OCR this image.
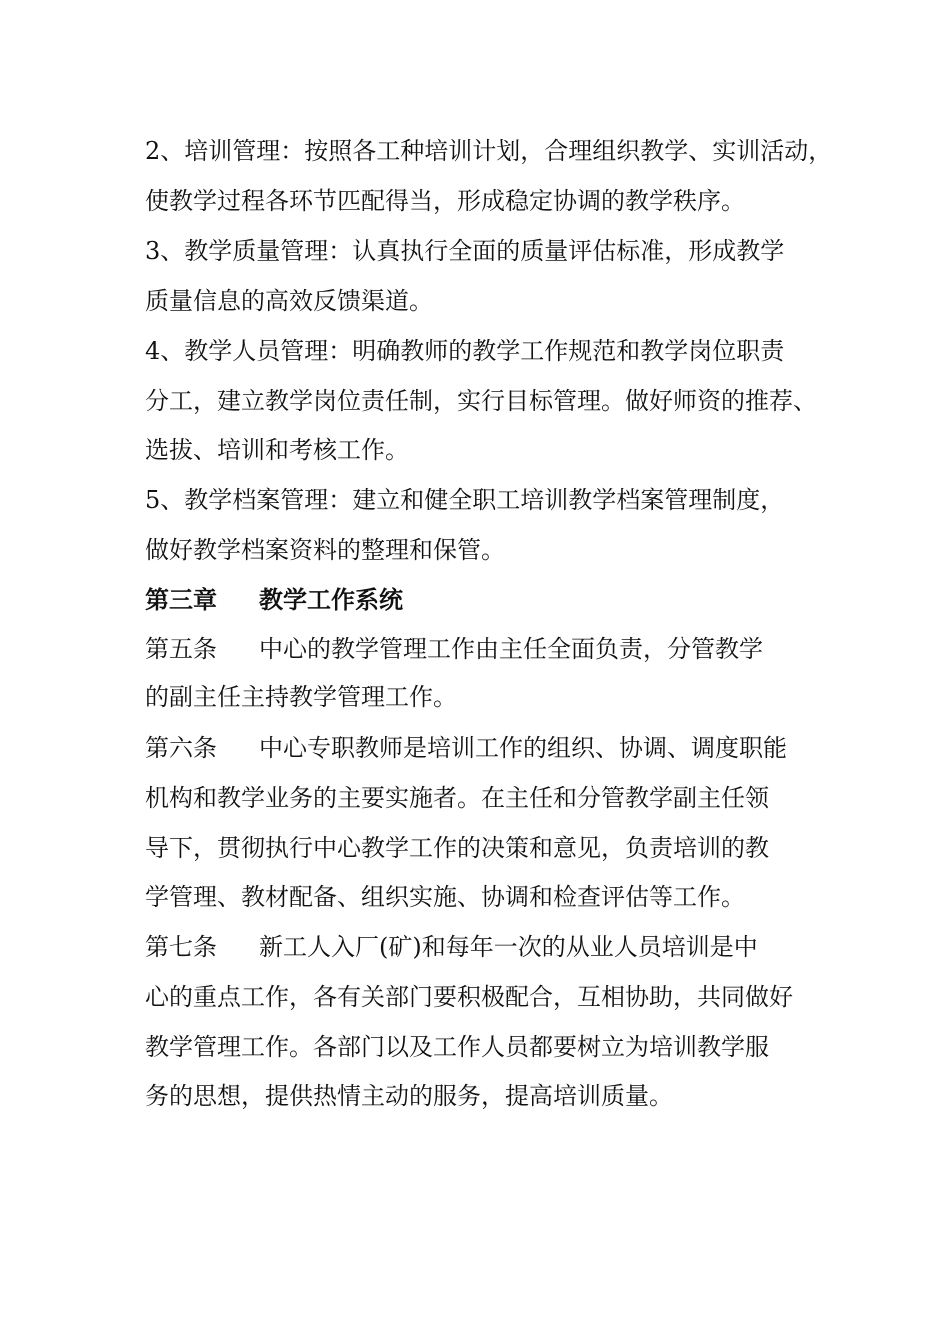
2、培训管理：按照各工种培训计划，合理组织教学、实训活动，
使教学过程各环节匹配得当，形成稳定协调的教学秩序。
3、教学质量管理：认真执行全面的质量评估标准，形成教学
质量信息的高效反馈渠道。
4、教学人员管理：明确教师的教学工作规范和教学岗位职责
分工，建立教学岗位责任制，实行目标管理。做好师资的推荐、
选拔、培训和考核工作。
5、教学档案管理：建立和健全职工培训教学档案管理制度，
做好教学档案资料的整理和保管。
第三章 教学工作系统
第五条 中心的教学管理工作由主任全面负责，分管教学
的副主任主持教学管理工作。
第六条 中心专职教师是培训工作的组织、协调、调度职能
机构和教学业务的主要实施者。在主任和分管教学副主任领
导下，贯彻执行中心教学工作的决策和意见，负责培训的教
学管理、教材配备、组织实施、协调和检查评估等工作。
第七条 新工人入厂(矿)和每年一次的从业人员培训是中
心的重点工作，各有关部门要积极配合，互相协助，共同做好
教学管理工作。各部门以及工作人员都要树立为培训教学服
务的思想，提供热情主动的服务，提高培训质量。
